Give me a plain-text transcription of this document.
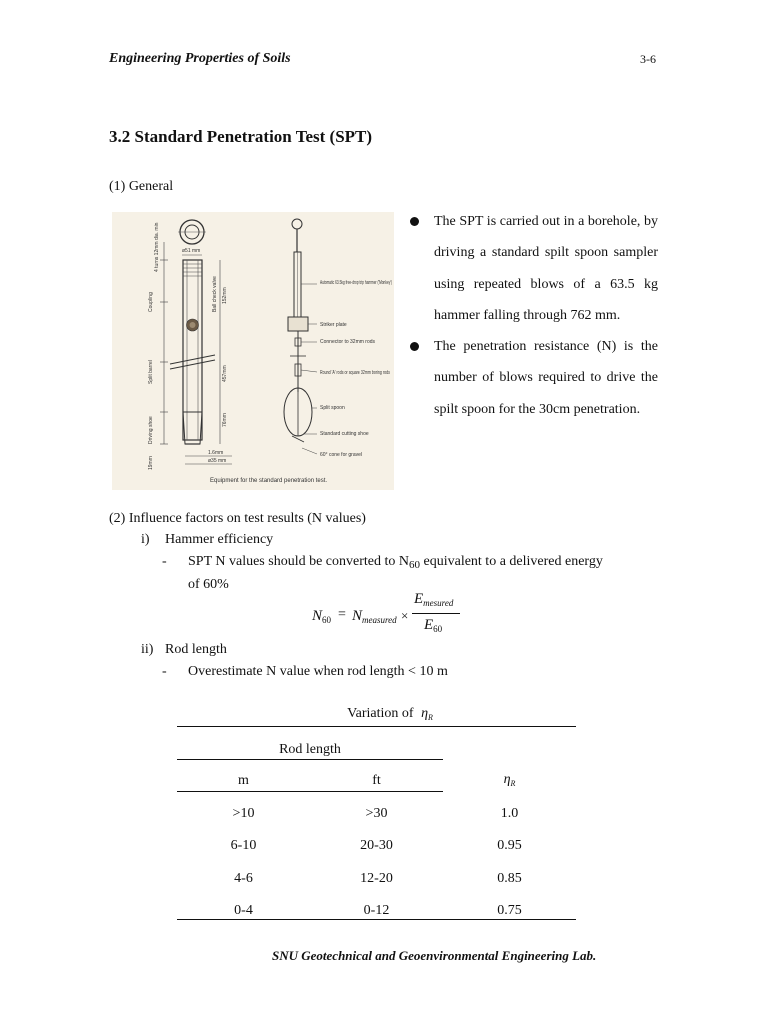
Engineering Properties of Soils	3-6
3.2 Standard Penetration Test (SPT)
(1) General
ø51 mm
4 turns 12mm dia. min
Coupling
Split barrel
Driving shoe
19mm
Ball check valve 152mm
457mm
76mm
1.6mm
ø35 mm
Automatic 63.5kg free-drop trip hammer ('Monkey')
Striker plate
Connector to 32mm rods
Round 'A' rods or square 32mm boring rods
Split spoon
Standard cutting shoe
60° cone for gravel
Equipment for the standard penetration test.
The SPT is carried out in a borehole, by driving a standard spilt spoon sampler using repeated blows of a 63.5 kg hammer falling through 762 mm.
The penetration resistance (N) is the number of blows required to drive the spilt spoon for the 30cm penetration.
(2) Influence factors on test results (N values)
i) Hammer efficiency
- SPT N values should be converted to $N_{60}$ equivalent to a delivered energy
of 60%
$N_{60} = N_{measured}$ ×
$E_{mesured}$
$E_{60}$
ii) Rod length
- Overestimate N value when rod length < 10 m
Variation of $\eta_R$
Rod length
m	ft	$\eta_R$
>10	>30	1.0
6-10	20-30	0.95
4-6	12-20	0.85
0-4	0-12	0.75
SNU Geotechnical and Geoenvironmental Engineering Lab.
